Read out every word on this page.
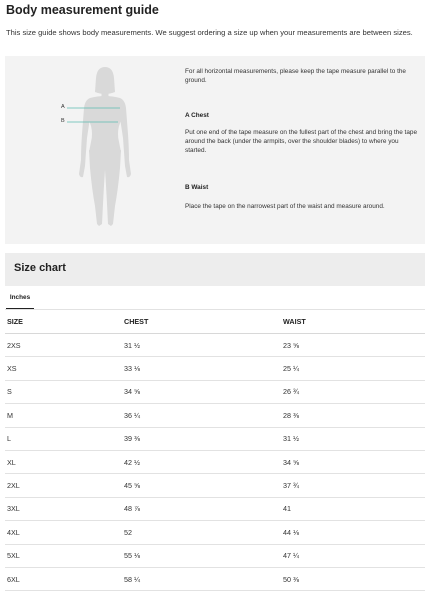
Body measurement guide

This size guide shows body measurements. We suggest ordering a size up when your measurements are between sizes.

A
B

For all horizontal measurements, please keep the tape measure parallel to the ground.

A Chest

Put one end of the tape measure on the fullest part of the chest and bring the tape around the back (under the armpits, over the shoulder blades) to where you started.

B Waist

Place the tape on the narrowest part of the waist and measure around.

Size chart
Inches
SIZE	CHEST	WAIST
2XS	31 ½	23 ⅝
XS	33 ⅛	25 ¼
S	34 ⅝	26 ¾
M	36 ¼	28 ⅜
L	39 ⅜	31 ½
XL	42 ½	34 ⅝
2XL	45 ⅝	37 ¾
3XL	48 ⅞	41
4XL	52	44 ⅛
5XL	55 ⅛	47 ¼
6XL	58 ¼	50 ⅜
